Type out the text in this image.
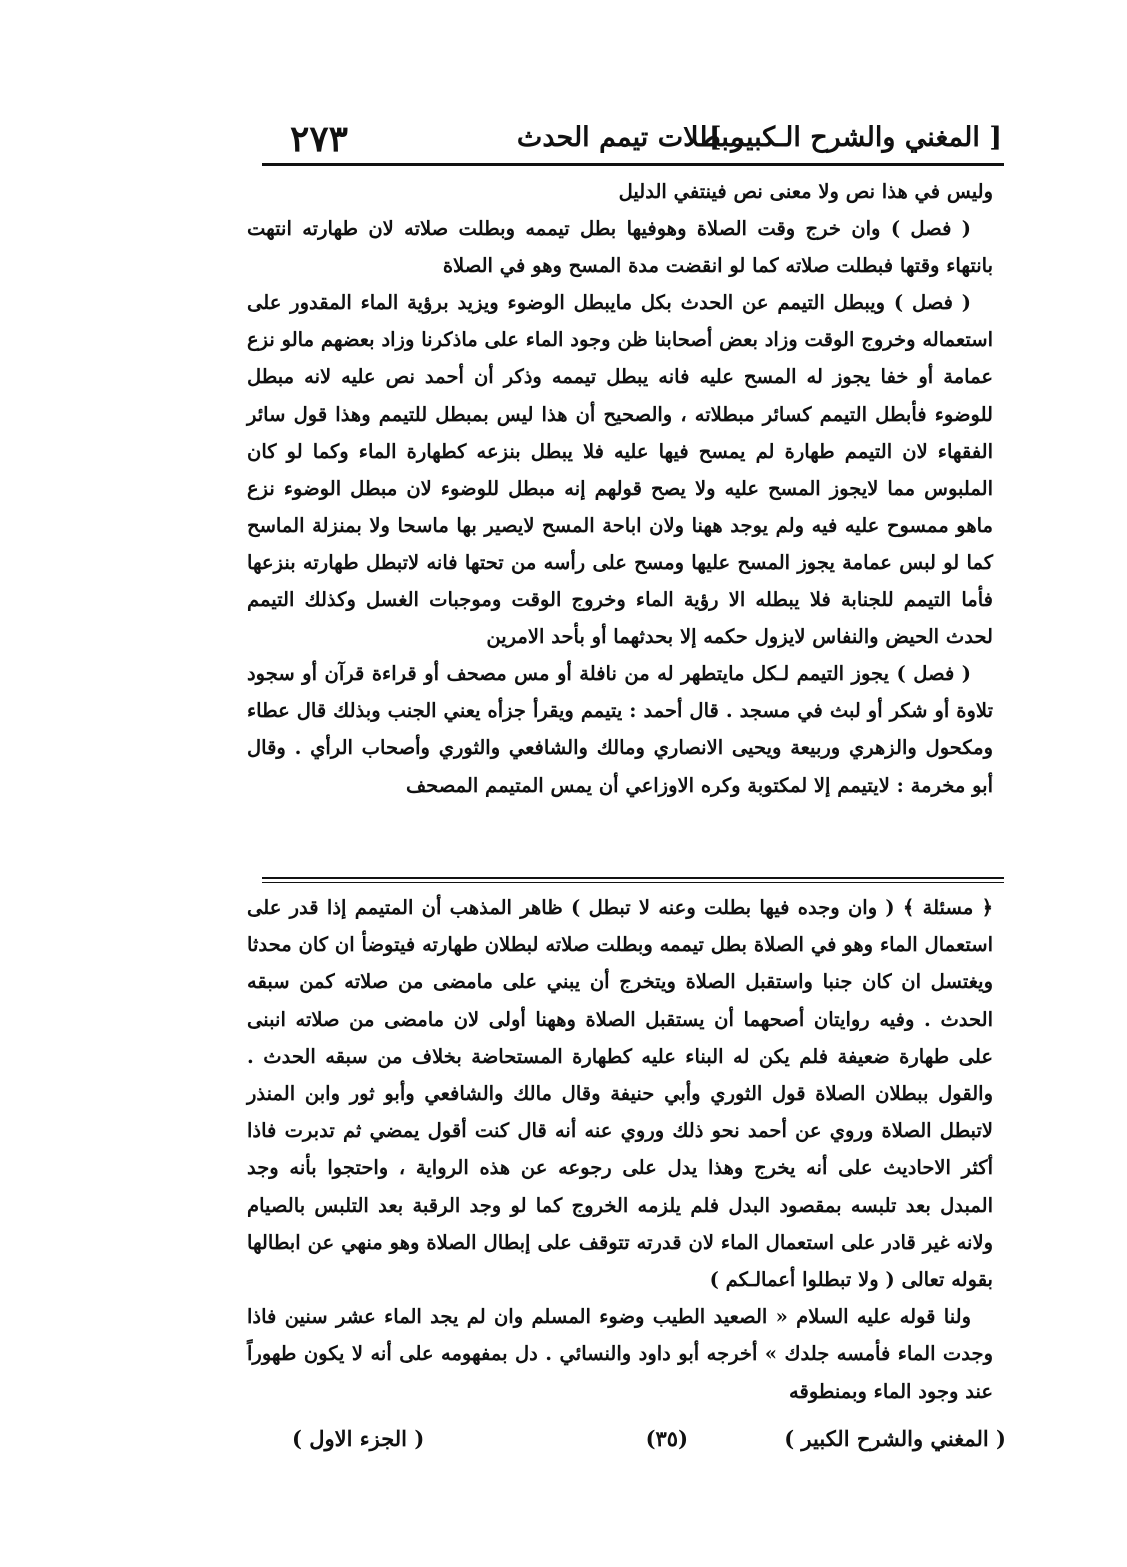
[ المغني والشرح الـكبير ]
مبطلات تيمم الحدث
٢٧٣

وليس في هذا نص ولا معنى نص فينتفي الدليل

( فصل ) وان خرج وقت الصلاة وهوفيها بطل تيممه وبطلت صلاته لان طهارته انتهت بانتهاء وقتها فبطلت صلاته كما لو انقضت مدة المسح وهو في الصلاة

( فصل ) ويبطل التيمم عن الحدث بكل مايبطل الوضوء ويزيد برؤية الماء المقدور على استعماله وخروج الوقت وزاد بعض أصحابنا ظن وجود الماء على ماذكرنا وزاد بعضهم مالو نزع عمامة أو خفا يجوز له المسح عليه فانه يبطل تيممه وذكر أن أحمد نص عليه لانه مبطل للوضوء فأبطل التيمم كسائر مبطلاته ، والصحيح أن هذا ليس بمبطل للتيمم وهذا قول سائر الفقهاء لان التيمم طهارة لم يمسح فيها عليه فلا يبطل بنزعه كطهارة الماء وكما لو كان الملبوس مما لايجوز المسح عليه ولا يصح قولهم إنه مبطل للوضوء لان مبطل الوضوء نزع ماهو ممسوح عليه فيه ولم يوجد ههنا ولان اباحة المسح لايصير بها ماسحا ولا بمنزلة الماسح كما لو لبس عمامة يجوز المسح عليها ومسح على رأسه من تحتها فانه لاتبطل طهارته بنزعها فأما التيمم للجنابة فلا يبطله الا رؤية الماء وخروج الوقت وموجبات الغسل وكذلك التيمم لحدث الحيض والنفاس لايزول حكمه إلا بحدثهما أو بأحد الامرين

( فصل ) يجوز التيمم لـكل مايتطهر له من نافلة أو مس مصحف أو قراءة قرآن أو سجود تلاوة أو شكر أو لبث في مسجد . قال أحمد : يتيمم ويقرأ جزأه يعني الجنب وبذلك قال عطاء ومكحول والزهري وربيعة ويحيى الانصاري ومالك والشافعي والثوري وأصحاب الرأي . وقال أبو مخرمة : لايتيمم إلا لمكتوبة وكره الاوزاعي أن يمس المتيمم المصحف

﴿ مسئلة ﴾ ( وان وجده فيها بطلت وعنه لا تبطل ) ظاهر المذهب أن المتيمم إذا قدر على استعمال الماء وهو في الصلاة بطل تيممه وبطلت صلاته لبطلان طهارته فيتوضأ ان كان محدثا ويغتسل ان كان جنبا واستقبل الصلاة ويتخرج أن يبني على مامضى من صلاته كمن سبقه الحدث . وفيه روايتان أصحهما أن يستقبل الصلاة وههنا أولى لان مامضى من صلاته انبنى على طهارة ضعيفة فلم يكن له البناء عليه كطهارة المستحاضة بخلاف من سبقه الحدث . والقول ببطلان الصلاة قول الثوري وأبي حنيفة وقال مالك والشافعي وأبو ثور وابن المنذر لاتبطل الصلاة وروي عن أحمد نحو ذلك وروي عنه أنه قال كنت أقول يمضي ثم تدبرت فاذا أكثر الاحاديث على أنه يخرج وهذا يدل على رجوعه عن هذه الرواية ، واحتجوا بأنه وجد المبدل بعد تلبسه بمقصود البدل فلم يلزمه الخروج كما لو وجد الرقبة بعد التلبس بالصيام ولانه غير قادر على استعمال الماء لان قدرته تتوقف على إبطال الصلاة وهو منهي عن ابطالها بقوله تعالى ( ولا تبطلوا أعمالـكم )

ولنا قوله عليه السلام « الصعيد الطيب وضوء المسلم وان لم يجد الماء عشر سنين فاذا وجدت الماء فأمسه جلدك » أخرجه أبو داود والنسائي . دل بمفهومه على أنه لا يكون طهوراً عند وجود الماء وبمنطوقه

( المغني والشرح الكبير )
(٣٥)
( الجزء الاول )
